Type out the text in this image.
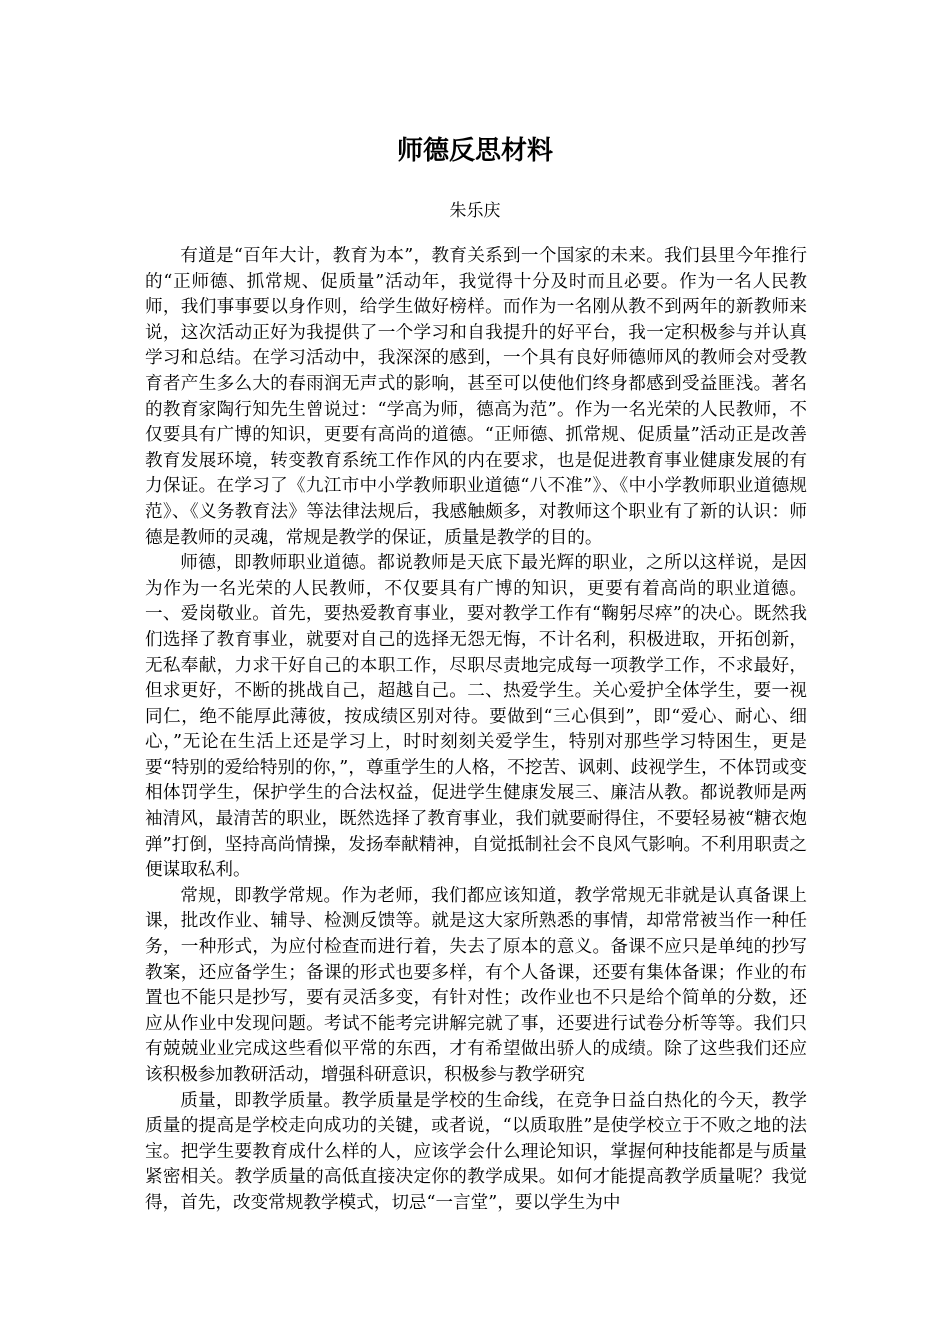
师德反思材料
朱乐庆

有道是“百年大计，教育为本”，教育关系到一个国家的未来。我们县里今年推行的“正师德、抓常规、促质量”活动年，我觉得十分及时而且必要。作为一名人民教师，我们事事要以身作则，给学生做好榜样。而作为一名刚从教不到两年的新教师来说，这次活动正好为我提供了一个学习和自我提升的好平台，我一定积极参与并认真学习和总结。在学习活动中，我深深的感到，一个具有良好师德师风的教师会对受教育者产生多么大的春雨润无声式的影响，甚至可以使他们终身都感到受益匪浅。著名的教育家陶行知先生曾说过：“学高为师，德高为范”。作为一名光荣的人民教师，不仅要具有广博的知识，更要有高尚的道德。“正师德、抓常规、促质量”活动正是改善教育发展环境，转变教育系统工作作风的内在要求，也是促进教育事业健康发展的有力保证。在学习了《九江市中小学教师职业道德“八不准”》、《中小学教师职业道德规范》、《义务教育法》等法律法规后，我感触颇多，对教师这个职业有了新的认识：师德是教师的灵魂，常规是教学的保证，质量是教学的目的。

师德，即教师职业道德。都说教师是天底下最光辉的职业，之所以这样说，是因为作为一名光荣的人民教师，不仅要具有广博的知识，更要有着高尚的职业道德。一、爱岗敬业。首先，要热爱教育事业，要对教学工作有“鞠躬尽瘁”的决心。既然我们选择了教育事业，就要对自己的选择无怨无悔，不计名利，积极进取，开拓创新，无私奉献，力求干好自己的本职工作，尽职尽责地完成每一项教学工作，不求最好，但求更好，不断的挑战自己，超越自己。二、热爱学生。关心爱护全体学生，要一视同仁，绝不能厚此薄彼，按成绩区别对待。要做到“三心俱到”，即“爱心、耐心、细心，”无论在生活上还是学习上，时时刻刻关爱学生，特别对那些学习特困生，更是要“特别的爱给特别的你，”，尊重学生的人格，不挖苦、讽刺、歧视学生，不体罚或变相体罚学生，保护学生的合法权益，促进学生健康发展三、廉洁从教。都说教师是两袖清风，最清苦的职业，既然选择了教育事业，我们就要耐得住，不要轻易被“糖衣炮弹”打倒，坚持高尚情操，发扬奉献精神，自觉抵制社会不良风气影响。不利用职责之便谋取私利。

常规，即教学常规。作为老师，我们都应该知道，教学常规无非就是认真备课上课，批改作业、辅导、检测反馈等。就是这大家所熟悉的事情，却常常被当作一种任务，一种形式，为应付检查而进行着，失去了原本的意义。备课不应只是单纯的抄写教案，还应备学生；备课的形式也要多样，有个人备课，还要有集体备课；作业的布置也不能只是抄写，要有灵活多变，有针对性；改作业也不只是给个简单的分数，还应从作业中发现问题。考试不能考完讲解完就了事，还要进行试卷分析等等。我们只有兢兢业业完成这些看似平常的东西，才有希望做出骄人的成绩。除了这些我们还应该积极参加教研活动，增强科研意识，积极参与教学研究

质量，即教学质量。教学质量是学校的生命线，在竞争日益白热化的今天，教学质量的提高是学校走向成功的关键，或者说，“以质取胜”是使学校立于不败之地的法宝。把学生要教育成什么样的人，应该学会什么理论知识，掌握何种技能都是与质量紧密相关。教学质量的高低直接决定你的教学成果。如何才能提高教学质量呢？我觉得，首先，改变常规教学模式，切忌“一言堂”，要以学生为中
